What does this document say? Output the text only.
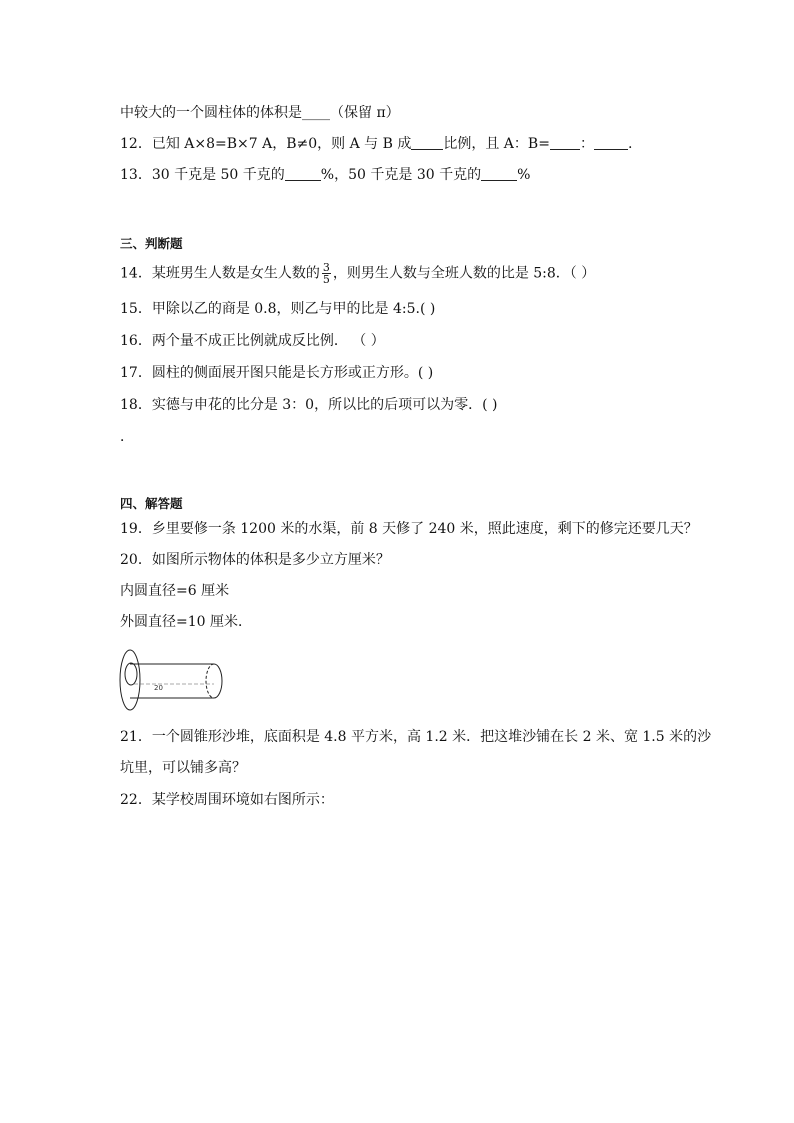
中较大的一个圆柱体的体积是____（保留 π）
12．已知 A×8=B×7 A，B≠0，则 A 与 B 成 比例，且 A：B= ： .
13．30 千克是 50 千克的	%，50 千克是 30 千克的	%
三、判断题
14．某班男生人数是女生人数的 $\frac{3}{5}$ ，则男生人数与全班人数的比是 5:8．（ ）
15．甲除以乙的商是 0.8，则乙与甲的比是 4:5.( )
16．两个量不成正比例就成反比例． （ ）
17．圆柱的侧面展开图只能是长方形或正方形。( )
18．实德与申花的比分是 3：0，所以比的后项可以为零．( )
．
四、解答题
19．乡里要修一条 1200 米的水渠，前 8 天修了 240 米，照此速度，剩下的修完还要几天？
20．如图所示物体的体积是多少立方厘米？
内圆直径=6 厘米
外圆直径=10 厘米．
20
21．一个圆锥形沙堆，底面积是 4.8 平方米，高 1.2 米．把这堆沙铺在长 2 米、宽 1.5 米的沙
坑里，可以铺多高？
22．某学校周围环境如右图所示：
